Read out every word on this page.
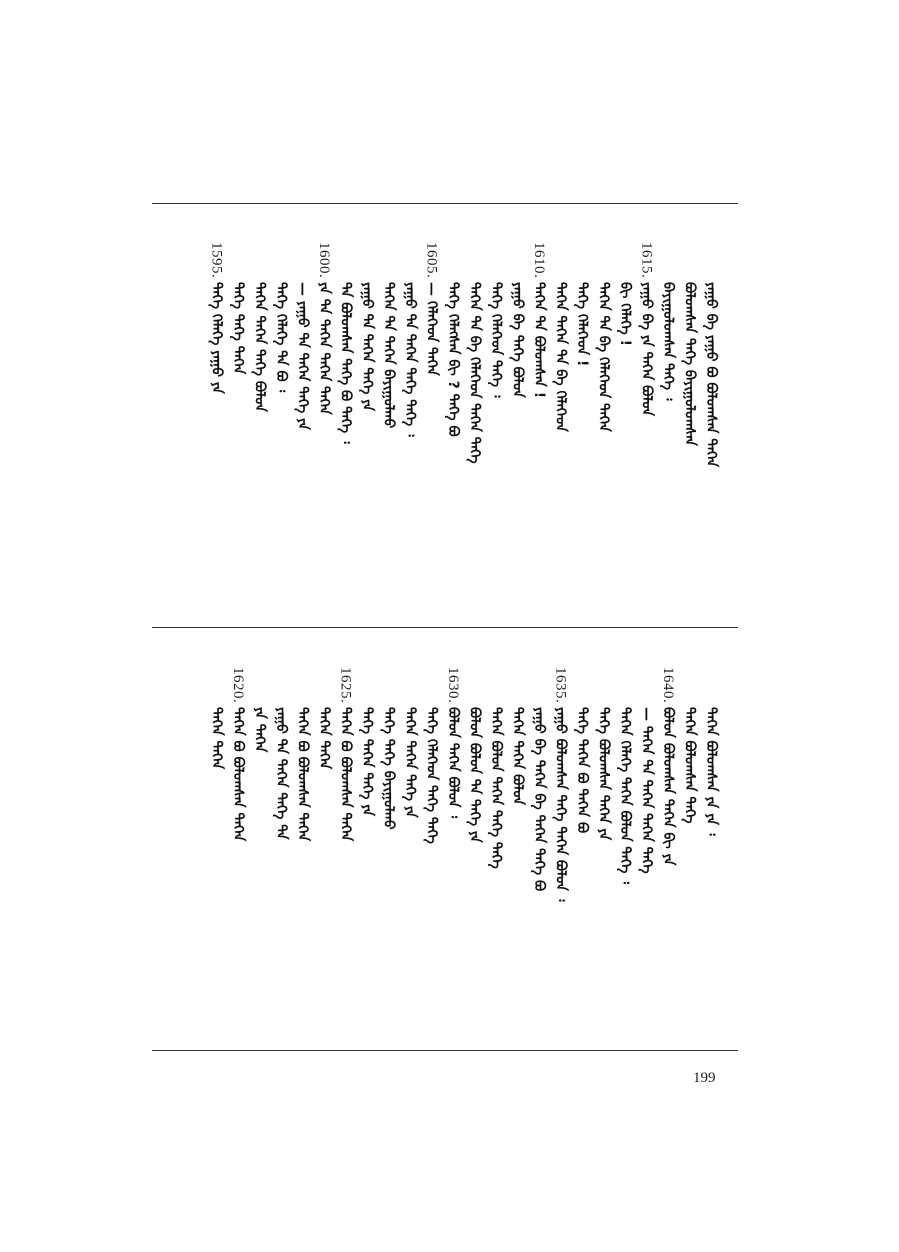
ᠶᠠᠭᠤ ᠪᠡ ᠶᠠᠭᠤ ᠪᠤ ᠪᠣᠯᠤᠭᠰᠠᠨ ᠲᠡᠭᠡᠨ
ᠪᠣᠯᠤᠭᠰᠠᠨ ᠲᠡᠭᠡ ᠪᠠᠶᠢᠭᠤᠯᠤᠭᠰᠠᠨ
ᠪᠠᠶᠢᠭᠤᠯᠤᠭᠰᠠᠨ ᠲᠡᠭᠡ ᠄
1615.
ᠶᠠᠭᠤ ᠪᠡ ᠶᠠ ᠲᠡᠭᠡᠨ ᠪᠣᠯᠤᠨ
ᠪᠢ ᠬᠡᠯᠡᠭᠡ !
ᠲᠡᠭᠡᠨ ᠲᠡ ᠪᠡ ᠬᠡᠯᠡᠭᠡᠳ ᠲᠡᠭᠡᠨ
ᠲᠡᠭᠡ ᠬᠡᠯᠡᠭᠡᠳ !
ᠲᠡᠭᠡᠨ ᠲᠡᠭᠡᠨ ᠲᠡ ᠪᠡ ᠬᠡᠯᠡᠭᠡᠳ
1610.
ᠲᠡᠭᠡᠨ ᠲᠡ ᠪᠣᠯᠤᠭᠰᠠᠨ !
ᠶᠠᠭᠤ ᠪᠡ ᠲᠡᠭᠡ ᠪᠣᠯᠤᠨ
ᠲᠡᠭᠡ ᠬᠡᠯᠡᠭᠡᠳ ᠲᠡᠭᠡ ᠄
ᠲᠡᠭᠡᠨ ᠲᠡ ᠪᠡ ᠬᠡᠯᠡᠭᠡᠳ ᠲᠡᠭᠡᠨ ᠲᠡᠭᠡ
ᠲᠡᠭᠡ ᠬᠡᠯᠡᠭᠰᠡᠨ ᠪᠢ ? ᠲᠡᠭᠡ ᠪᠤ
1605.
— ᠬᠡᠯᠡᠭᠡᠳ ᠲᠡᠭᠡᠨ
ᠶᠠᠭᠤ ᠲᠡ ᠲᠡᠭᠡᠨ ᠲᠡᠭᠡ ᠲᠡᠭᠡ ᠄
ᠲᠡᠭᠡᠨ ᠲᠡ ᠲᠡᠭᠡᠨ ᠪᠠᠶᠢᠭᠤᠯᠬᠤ
ᠶᠠᠭᠤ ᠲᠡ ᠲᠡᠭᠡᠨ ᠲᠡᠭᠡ ᠶᠠ
ᠲᠡ ᠪᠣᠯᠤᠭᠰᠠᠨ ᠲᠡᠭᠡ ᠪᠤ ᠲᠡᠭᠡ ᠄
1600.
ᠶᠠ ᠲᠡ ᠲᠡᠭᠡᠨ ᠲᠡᠭᠡᠨ ᠲᠡᠭᠡᠨ
— ᠶᠠᠭᠤ ᠲᠡ ᠲᠡᠭᠡᠨ ᠲᠡᠭᠡ ᠶᠠ
ᠲᠡᠭᠡ ᠬᠡᠯᠡᠭᠡ ᠲᠡ ᠪᠤ ᠄
ᠲᠡᠭᠡᠨ ᠲᠡᠭᠡᠨ ᠲᠡᠭᠡ ᠪᠣᠯᠤᠨ
ᠲᠡᠭᠡ ᠲᠡᠭᠡ ᠲᠡᠭᠡᠨ
1595.
ᠲᠡᠭᠡ ᠬᠡᠯᠡᠭᠡ ᠶᠠᠭᠤ ᠶᠠ
ᠲᠡᠭᠡᠨ ᠪᠣᠯᠤᠭᠰᠠᠨ ᠶᠠ ᠶᠠ ᠄
ᠲᠡᠭᠡᠨ ᠪᠣᠯᠤᠭᠰᠠᠨ ᠲᠡᠭᠡ
1640.
ᠪᠣᠯᠤᠨ ᠪᠣᠯᠤᠭᠰᠠᠨ ᠲᠡᠭᠡᠨ ᠪᠢ ᠶᠠ
— ᠲᠡᠭᠡᠨ ᠲᠡ ᠲᠡᠭᠡᠨ ᠲᠡᠭᠡᠨ ᠲᠡᠭᠡ
ᠲᠡᠭᠡᠨ ᠬᠡᠯᠡᠭᠡ ᠲᠡᠭᠡᠨ ᠪᠣᠯᠤᠨ ᠲᠡᠭᠡ ᠄
ᠲᠡᠭᠡ ᠪᠣᠯᠤᠭᠰᠠᠨ ᠲᠡᠭᠡᠨ ᠶᠠ
ᠲᠡᠭᠡ ᠲᠡᠭᠡᠨ ᠪᠤ ᠲᠡᠭᠡᠨ ᠪᠤ
1635.
ᠶᠠᠭᠤ ᠪᠣᠯᠤᠭᠰᠠᠨ ᠲᠡᠭᠡ ᠲᠡᠭᠡᠨ ᠪᠣᠯᠤᠨ ᠄
ᠶᠠᠭᠤ ᠪᠡ ᠲᠡᠭᠡᠨ ᠪᠡ ᠲᠡᠭᠡᠨ ᠲᠡᠭᠡ ᠪᠤ
ᠲᠡᠭᠡᠨ ᠲᠡᠭᠡᠨ ᠪᠣᠯᠤᠨ
ᠲᠡᠭᠡᠨ ᠪᠣᠯᠤᠨ ᠲᠡᠭᠡᠨ ᠲᠡᠭᠡ ᠲᠡᠭᠡ
ᠪᠣᠯᠤᠨ ᠪᠣᠯᠤᠨ ᠲᠡ ᠲᠡᠭᠡ ᠶᠠ
1630.
ᠪᠣᠯᠤᠨ ᠲᠡᠭᠡᠨ ᠪᠣᠯᠤᠨ ᠄
ᠲᠡᠭᠡ ᠬᠡᠯᠡᠭᠡᠳ ᠲᠡᠭᠡ ᠲᠡᠭᠡ
ᠲᠡᠭᠡᠨ ᠲᠡᠭᠡᠨ ᠲᠡᠭᠡ ᠶᠠ
ᠲᠡᠭᠡ ᠲᠡᠭᠡ ᠪᠠᠶᠢᠭᠤᠯᠬᠤ
ᠲᠡᠭᠡ ᠲᠡᠭᠡᠨ ᠲᠡᠭᠡ ᠶᠠ
1625.
ᠲᠡᠭᠡᠨ ᠪᠤ ᠪᠣᠯᠤᠭᠰᠠᠨ ᠲᠡᠭᠡᠨ
ᠲᠡᠭᠡᠨ ᠲᠡᠭᠡᠨ
ᠲᠡᠭᠡᠨ ᠪᠤ ᠪᠣᠯᠤᠭᠰᠠᠨ ᠲᠡᠭᠡᠨ
ᠶᠠᠭᠤ ᠲᠡ ᠲᠡᠭᠡᠨ ᠲᠡᠭᠡ ᠲᠡ
ᠶᠠ ᠲᠡᠭᠡᠨ
1620.
ᠲᠡᠭᠡᠨ ᠪᠤ ᠪᠣᠯᠤᠭᠰᠠᠨ ᠲᠡᠭᠡᠨ
ᠲᠡᠭᠡᠨ ᠲᠡᠭᠡᠨ
199
